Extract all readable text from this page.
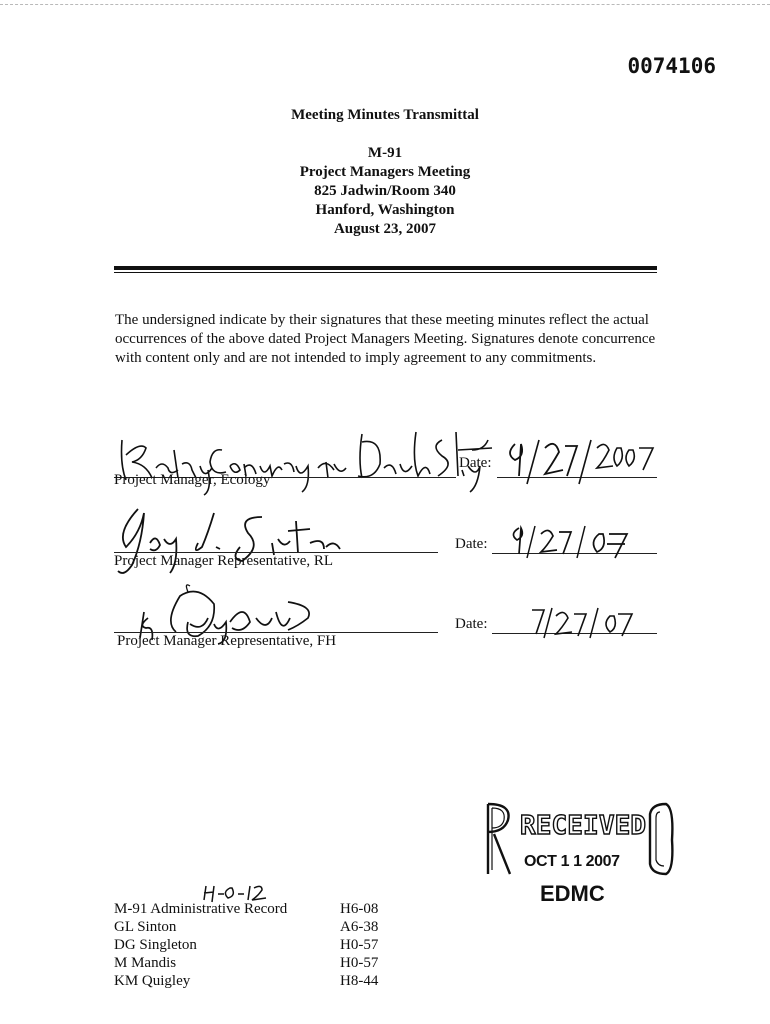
0074106
Meeting Minutes Transmittal
M-91
Project Managers Meeting
825 Jadwin/Room 340
Hanford, Washington
August 23, 2007
The undersigned indicate by their signatures that these meeting minutes reflect the actual occurrences of the above dated Project Managers Meeting. Signatures denote concurrence with content only and are not intended to imply agreement to any commitments.
Project Manager, Ecology
Date:
Project Manager Representative, RL
Date:
Project Manager Representative, FH
Date:
RECEIVED
OCT 1 1 2007
EDMC
M-91 Administrative Record	H6-08
GL Sinton	A6-38
DG Singleton	H0-57
M Mandis	H0-57
KM Quigley	H8-44
